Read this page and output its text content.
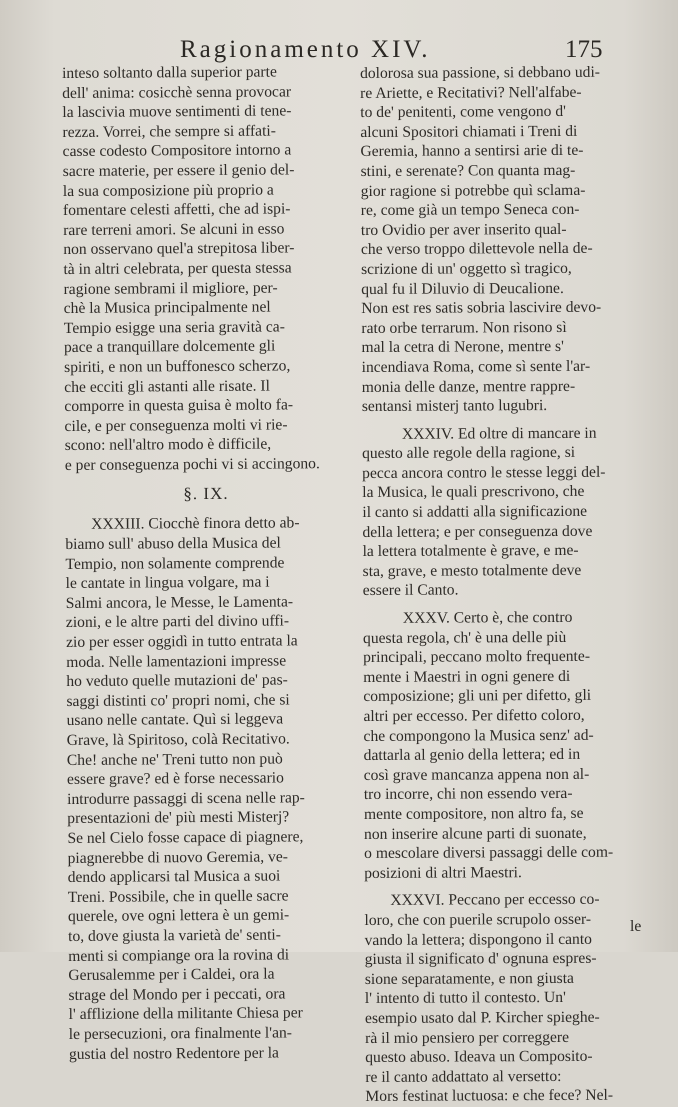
Ragionamento XIV.	175
inteso soltanto dalla superior parte
dell' anima: cosicchè senna provocar
la lascivia muove sentimenti di tene-
rezza. Vorrei, che sempre si affati-
casse codesto Compositore intorno a
sacre materie, per essere il genio del-
la sua composizione più proprio a
fomentare celesti affetti, che ad ispi-
rare terreni amori. Se alcuni in esso
non osservano quel'a strepitosa liber-
tà in altri celebrata, per questa stessa
ragione sembrami il migliore, per-
chè la Musica principalmente nel
Tempio esigge una seria gravità ca-
pace a tranquillare dolcemente gli
spiriti, e non un buffonesco scherzo,
che ecciti gli astanti alle risate. Il
comporre in questa guisa è molto fa-
cile, e per conseguenza molti vi rie-
scono: nell'altro modo è difficile,
e per conseguenza pochi vi si accingono.
§. IX.
XXXIII. Ciocchè finora detto ab-
biamo sull' abuso della Musica del
Tempio, non solamente comprende
le cantate in lingua volgare, ma i
Salmi ancora, le Messe, le Lamenta-
zioni, e le altre parti del divino uffi-
zio per esser oggidì in tutto entrata la
moda. Nelle lamentazioni impresse
ho veduto quelle mutazioni de' pas-
saggi distinti co' propri nomi, che si
usano nelle cantate. Quì si leggeva
Grave, là Spiritoso, colà Recitativo.
Che! anche ne' Treni tutto non può
essere grave? ed è forse necessario
introdurre passaggi di scena nelle rap-
presentazioni de' più mesti Misterj?
Se nel Cielo fosse capace di piagnere,
piagnerebbe di nuovo Geremia, ve-
dendo applicarsi tal Musica a suoi
Treni. Possibile, che in quelle sacre
querele, ove ogni lettera è un gemi-
to, dove giusta la varietà de' senti-
menti si compiange ora la rovina di
Gerusalemme per i Caldei, ora la
strage del Mondo per i peccati, ora
l' afflizione della militante Chiesa per
le persecuzioni, ora finalmente l'an-
gustia del nostro Redentore per la
dolorosa sua passione, si debbano udi-
re Ariette, e Recitativi? Nell'alfabe-
to de' penitenti, come vengono d'
alcuni Spositori chiamati i Treni di
Geremia, hanno a sentirsi arie di te-
stini, e serenate? Con quanta mag-
gior ragione si potrebbe quì sclama-
re, come già un tempo Seneca con-
tro Ovidio per aver inserito qual-
che verso troppo dilettevole nella de-
scrizione di un' oggetto sì tragico,
qual fu il Diluvio di Deucalione.
Non est res satis sobria lascivire devo-
rato orbe terrarum. Non risono sì
mal la cetra di Nerone, mentre s'
incendiava Roma, come sì sente l'ar-
monia delle danze, mentre rappre-
sentansi misterj tanto lugubri.
XXXIV. Ed oltre di mancare in
questo alle regole della ragione, si
pecca ancora contro le stesse leggi del-
la Musica, le quali prescrivono, che
il canto si addatti alla significazione
della lettera; e per conseguenza dove
la lettera totalmente è grave, e me-
sta, grave, e mesto totalmente deve
essere il Canto.
XXXV. Certo è, che contro
questa regola, ch' è una delle più
principali, peccano molto frequente-
mente i Maestri in ogni genere di
composizione; gli uni per difetto, gli
altri per eccesso. Per difetto coloro,
che compongono la Musica senz' ad-
dattarla al genio della lettera; ed in
così grave mancanza appena non al-
tro incorre, chi non essendo vera-
mente compositore, non altro fa, se
non inserire alcune parti di suonate,
o mescolare diversi passaggi delle com-
posizioni di altri Maestri.
XXXVI. Peccano per eccesso co-
loro, che con puerile scrupolo osser-
vando la lettera; dispongono il canto
giusta il significato d' ognuna espres-
sione separatamente, e non giusta
l' intento di tutto il contesto. Un'
esempio usato dal P. Kircher spieghe-
rà il mio pensiero per correggere
questo abuso. Ideava un Composito-
re il canto addattato al versetto:
Mors festinat luctuosa: e che fece? Nel-
le
